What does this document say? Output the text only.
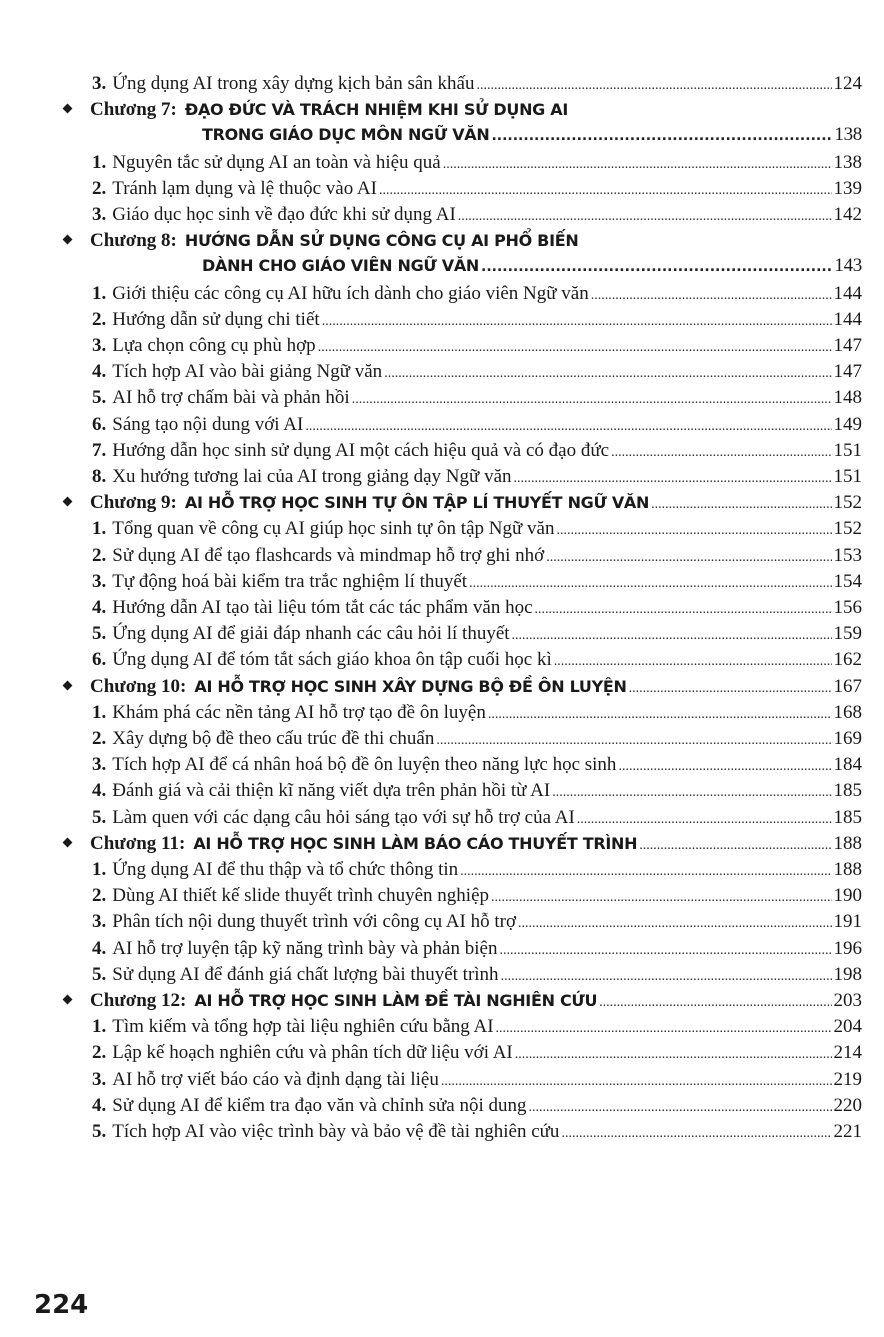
3. Ứng dụng AI trong xây dựng kịch bản sân khấu .....	124
Chương 7: ĐẠO ĐỨC VÀ TRÁCH NHIỆM KHI SỬ DỤNG AI
TRONG GIÁO DỤC MÔN NGỮ VĂN .....	138
1. Nguyên tắc sử dụng AI an toàn và hiệu quả .....	138
2. Tránh lạm dụng và lệ thuộc vào AI .....	139
3. Giáo dục học sinh về đạo đức khi sử dụng AI .....	142
Chương 8: HƯỚNG DẪN SỬ DỤNG CÔNG CỤ AI PHỔ BIẾN
DÀNH CHO GIÁO VIÊN NGỮ VĂN .....	143
1. Giới thiệu các công cụ AI hữu ích dành cho giáo viên Ngữ văn .....	144
2. Hướng dẫn sử dụng chi tiết .....	144
3. Lựa chọn công cụ phù hợp .....	147
4. Tích hợp AI vào bài giảng Ngữ văn .....	147
5. AI hỗ trợ chấm bài và phản hồi .....	148
6. Sáng tạo nội dung với AI .....	149
7. Hướng dẫn học sinh sử dụng AI một cách hiệu quả và có đạo đức .....	151
8. Xu hướng tương lai của AI trong giảng dạy Ngữ văn .....	151
Chương 9: AI HỖ TRỢ HỌC SINH TỰ ÔN TẬP LÍ THUYẾT NGỮ VĂN .....	152
1. Tổng quan về công cụ AI giúp học sinh tự ôn tập Ngữ văn .....	152
2. Sử dụng AI để tạo flashcards và mindmap hỗ trợ ghi nhớ .....	153
3. Tự động hoá bài kiểm tra trắc nghiệm lí thuyết .....	154
4. Hướng dẫn AI tạo tài liệu tóm tắt các tác phẩm văn học .....	156
5. Ứng dụng AI để giải đáp nhanh các câu hỏi lí thuyết .....	159
6. Ứng dụng AI để tóm tắt sách giáo khoa ôn tập cuối học kì .....	162
Chương 10: AI HỖ TRỢ HỌC SINH XÂY DỰNG BỘ ĐỀ ÔN LUYỆN .....	167
1. Khám phá các nền tảng AI hỗ trợ tạo đề ôn luyện .....	168
2. Xây dựng bộ đề theo cấu trúc đề thi chuẩn .....	169
3. Tích hợp AI để cá nhân hoá bộ đề ôn luyện theo năng lực học sinh .....	184
4. Đánh giá và cải thiện kĩ năng viết dựa trên phản hồi từ AI .....	185
5. Làm quen với các dạng câu hỏi sáng tạo với sự hỗ trợ của AI .....	185
Chương 11: AI HỖ TRỢ HỌC SINH LÀM BÁO CÁO THUYẾT TRÌNH .....	188
1. Ứng dụng AI để thu thập và tổ chức thông tin .....	188
2. Dùng AI thiết kế slide thuyết trình chuyên nghiệp .....	190
3. Phân tích nội dung thuyết trình với công cụ AI hỗ trợ .....	191
4. AI hỗ trợ luyện tập kỹ năng trình bày và phản biện .....	196
5. Sử dụng AI để đánh giá chất lượng bài thuyết trình .....	198
Chương 12: AI HỖ TRỢ HỌC SINH LÀM ĐỀ TÀI NGHIÊN CỨU .....	203
1. Tìm kiếm và tổng hợp tài liệu nghiên cứu bằng AI .....	204
2. Lập kế hoạch nghiên cứu và phân tích dữ liệu với AI .....	214
3. AI hỗ trợ viết báo cáo và định dạng tài liệu .....	219
4. Sử dụng AI để kiểm tra đạo văn và chỉnh sửa nội dung .....	220
5. Tích hợp AI vào việc trình bày và bảo vệ đề tài nghiên cứu .....	221
224
